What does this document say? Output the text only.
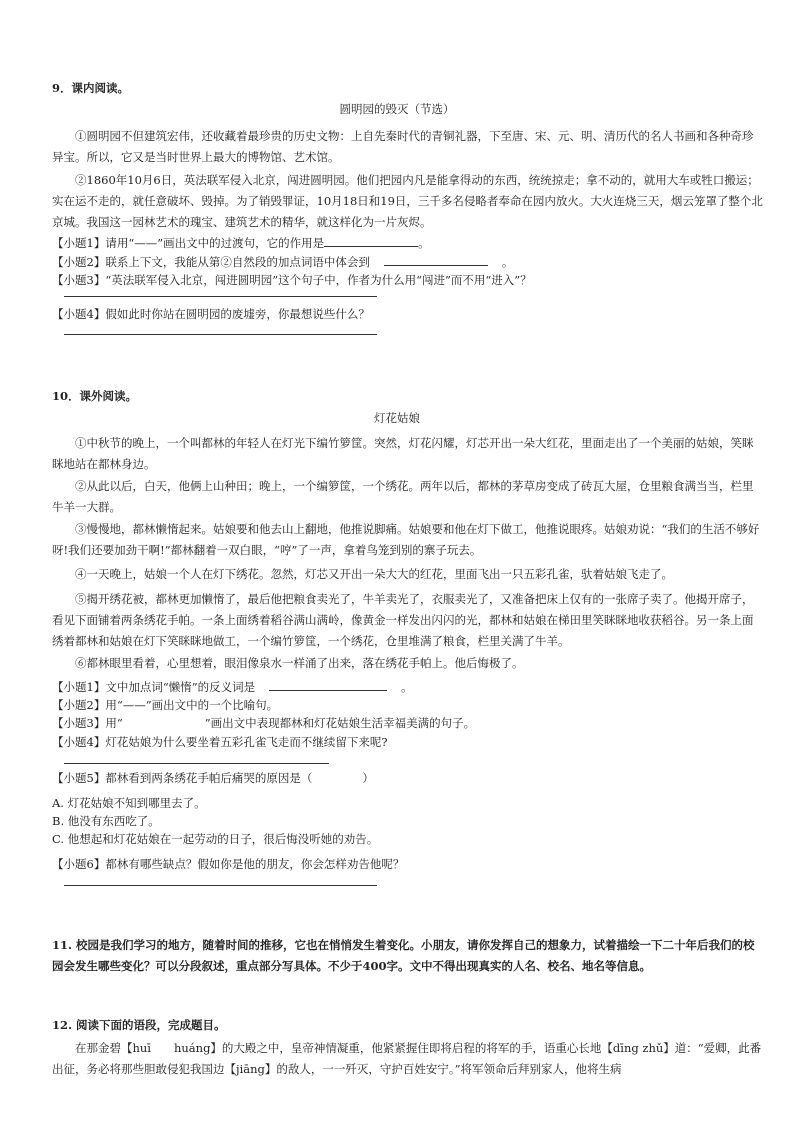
9．课内阅读。
圆明园的毁灭（节选）
①圆明园不但建筑宏伟，还收藏着最珍贵的历史文物：上自先秦时代的青铜礼器，下至唐、宋、元、明、清历代的名人书画和各种奇珍异宝。所以，它又是当时世界上最大的博物馆、艺术馆。
②1860年10月6日，英法联军侵入北京，闯进圆明园。他们把园内凡是能拿得动的东西，统统掠走；拿不动的，就用大车或牲口搬运；实在运不走的，就任意破坏、毁掉。为了销毁罪证，10月18日和19日，三千多名侵略者奉命在园内放火。大火连烧三天，烟云笼罩了整个北京城。我国这一园林艺术的瑰宝、建筑艺术的精华，就这样化为一片灰烬。
【小题1】请用“——”画出文中的过渡句，它的作用是	。
【小题2】联系上下文，我能从第②自然段的加点词语中体会到	。
【小题3】“英法联军侵入北京，闯进圆明园”这个句子中，作者为什么用“闯进”而不用“进入”？
【小题4】假如此时你站在圆明园的废墟旁，你最想说些什么？
10．课外阅读。
灯花姑娘
①中秋节的晚上，一个叫都林的年轻人在灯光下编竹箩筐。突然，灯花闪耀，灯芯开出一朵大红花，里面走出了一个美丽的姑娘，笑眯眯地站在都林身边。
②从此以后，白天，他俩上山种田；晚上，一个编箩筐，一个绣花。两年以后，都林的茅草房变成了砖瓦大屋，仓里粮食满当当，栏里牛羊一大群。
③慢慢地，都林懒惰起来。姑娘要和他去山上翻地，他推说脚痛。姑娘要和他在灯下做工，他推说眼疼。姑娘劝说：“我们的生活不够好呀!我们还要加劲干啊!”都林翻着一双白眼，“哼”了一声，拿着鸟笼到别的寨子玩去。
④一天晚上，姑娘一个人在灯下绣花。忽然，灯芯又开出一朵大大的红花，里面飞出一只五彩孔雀，驮着姑娘飞走了。
⑤揭开绣花被，都林更加懒惰了，最后他把粮食卖光了，牛羊卖光了，衣服卖光了，又准备把床上仅有的一张席子卖了。他揭开席子，看见下面铺着两条绣花手帕。一条上面绣着稻谷满山满岭，像黄金一样发出闪闪的光，都林和姑娘在梯田里笑眯眯地收获稻谷。另一条上面绣着都林和姑娘在灯下笑眯眯地做工，一个编竹箩筐，一个绣花，仓里堆满了粮食，栏里关满了牛羊。
⑥都林眼里看着，心里想着，眼泪像泉水一样涌了出来，落在绣花手帕上。他后悔极了。
【小题1】文中加点词“懒惰”的反义词是	。
【小题2】用“——”画出文中的一个比喻句。
【小题3】用“	”画出文中表现都林和灯花姑娘生活幸福美满的句子。
【小题4】灯花姑娘为什么要坐着五彩孔雀飞走而不继续留下来呢?
【小题5】都林看到两条绣花手帕后痛哭的原因是（	）
A. 灯花姑娘不知到哪里去了。
B. 他没有东西吃了。
C. 他想起和灯花姑娘在一起劳动的日子，很后悔没听她的劝告。
【小题6】都林有哪些缺点？假如你是他的朋友，你会怎样劝告他呢？
11. 校园是我们学习的地方，随着时间的推移，它也在悄悄发生着变化。小朋友，请你发挥自己的想象力，试着描绘一下二十年后我们的校园会发生哪些变化？可以分段叙述，重点部分写具体。不少于400字。文中不得出现真实的人名、校名、地名等信息。
12. 阅读下面的语段，完成题目。
在那金碧【huī　　huáng】的大殿之中，皇帝神情凝重，他紧紧握住即将启程的将军的手，语重心长地【dīng zhǔ】道：“爱卿，此番出征，务必将那些胆敢侵犯我国边【jiāng】的敌人，一一歼灭，守护百姓安宁。”将军领命后拜别家人，他将生病
